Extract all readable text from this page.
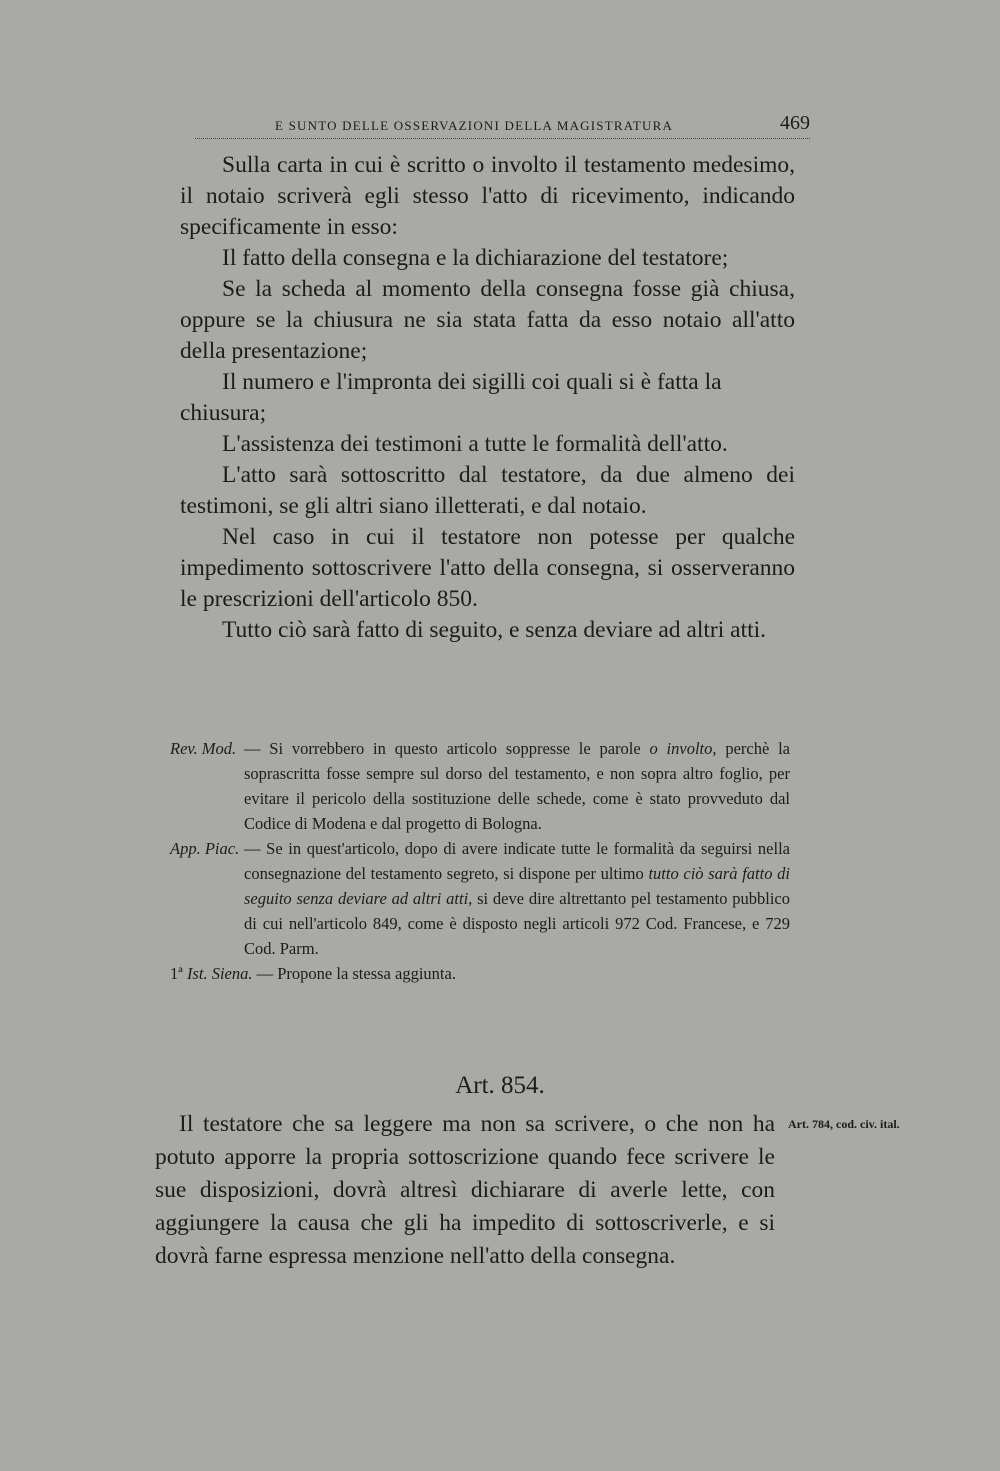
E SUNTO DELLE OSSERVAZIONI DELLA MAGISTRATURA	469

Sulla carta in cui è scritto o involto il testamento medesimo, il notaio scriverà egli stesso l'atto di ricevimento, indicando specificamente in esso:

Il fatto della consegna e la dichiarazione del testatore;

Se la scheda al momento della consegna fosse già chiusa, oppure se la chiusura ne sia stata fatta da esso notaio all'atto della presentazione;

Il numero e l'impronta dei sigilli coi quali si è fatta la chiusura;

L'assistenza dei testimoni a tutte le formalità dell'atto.

L'atto sarà sottoscritto dal testatore, da due almeno dei testimoni, se gli altri siano illetterati, e dal notaio.

Nel caso in cui il testatore non potesse per qualche impedimento sottoscrivere l'atto della consegna, si osserveranno le prescrizioni dell'articolo 850.

Tutto ciò sarà fatto di seguito, e senza deviare ad altri atti.

Rev. Mod. — Si vorrebbero in questo articolo soppresse le parole o involto, perchè la soprascritta fosse sempre sul dorso del testamento, e non sopra altro foglio, per evitare il pericolo della sostituzione delle schede, come è stato provveduto dal Codice di Modena e dal progetto di Bologna.
App. Piac. — Se in quest'articolo, dopo di avere indicate tutte le formalità da seguirsi nella consegnazione del testamento segreto, si dispone per ultimo tutto ciò sarà fatto di seguito senza deviare ad altri atti, si deve dire altrettanto pel testamento pubblico di cui nell'articolo 849, come è disposto negli articoli 972 Cod. Francese, e 729 Cod. Parm.
1ª Ist. Siena. — Propone la stessa aggiunta.
Art. 854.

Il testatore che sa leggere ma non sa scrivere, o che non ha potuto apporre la propria sottoscrizione quando fece scrivere le sue disposizioni, dovrà altresì dichiarare di averle lette, con aggiungere la causa che gli ha impedito di sottoscriverle, e si dovrà farne espressa menzione nell'atto della consegna.

Art. 784, cod. civ. ital.
